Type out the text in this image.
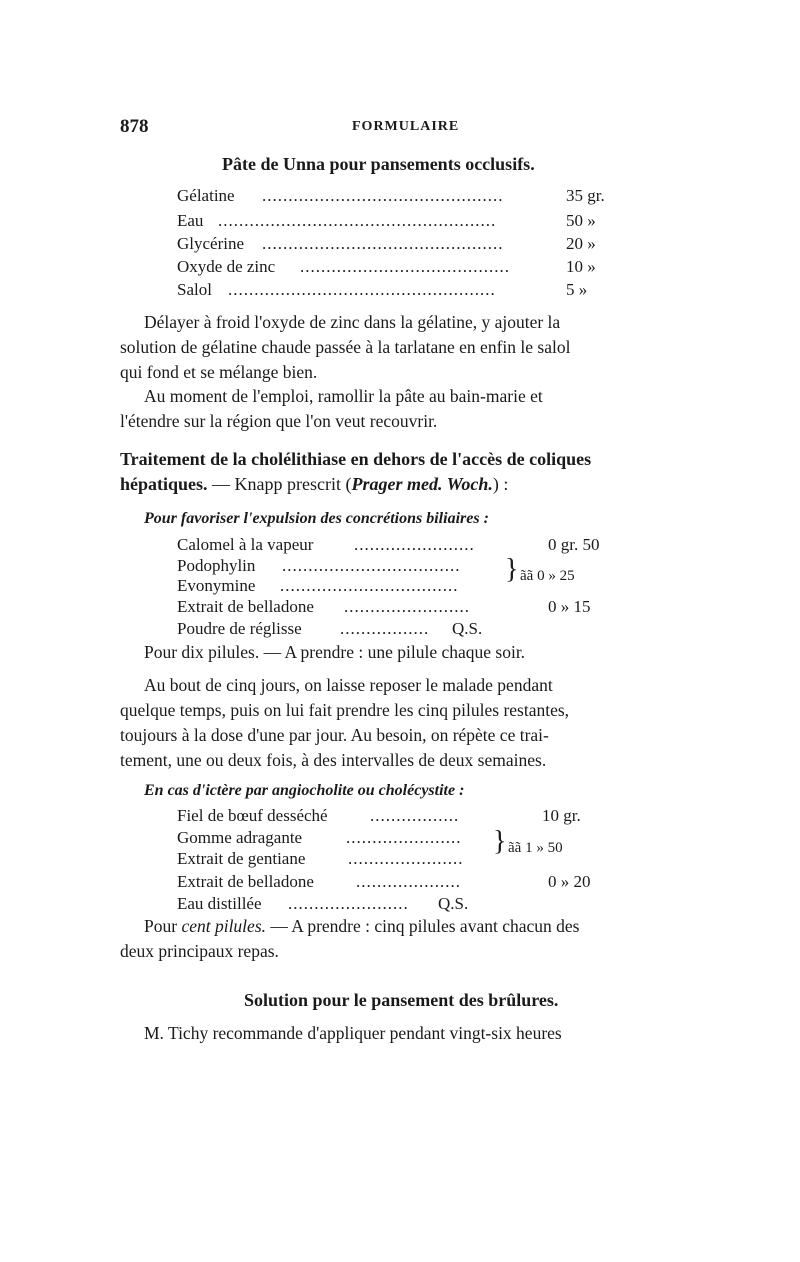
878	FORMULAIRE
Pâte de Unna pour pansements occlusifs.
Gélatine ..............................................	35 gr.
Eau .....................................................	50 »
Glycérine ..............................................	20 »
Oxyde de zinc ........................................	10 »
Salol ...................................................	5 »
Délayer à froid l'oxyde de zinc dans la gélatine, y ajouter la
solution de gélatine chaude passée à la tarlatane en enfin le salol
qui fond et se mélange bien.
Au moment de l'emploi, ramollir la pâte au bain-marie et
l'étendre sur la région que l'on veut recouvrir.
Traitement de la cholélithiase en dehors de l'accès de coliques
hépatiques. — Knapp prescrit (Prager med. Woch.) :
Pour favoriser l'expulsion des concrétions biliaires :
Calomel à la vapeur .......................	0 gr. 50
Podophylin ..................................
Evonymine ..................................
} ãã 0 » 25
Extrait de belladone ........................	0 » 15
Poudre de réglisse .................	Q.S.
Pour dix pilules. — A prendre : une pilule chaque soir.
Au bout de cinq jours, on laisse reposer le malade pendant
quelque temps, puis on lui fait prendre les cinq pilules restantes,
toujours à la dose d'une par jour. Au besoin, on répète ce trai-
tement, une ou deux fois, à des intervalles de deux semaines.
En cas d'ictère par angiocholite ou cholécystite :
Fiel de bœuf desséché .................	10 gr.
Gomme adragante	......................
Extrait de gentiane	......................
} ãã 1 » 50
Extrait de belladone ....................	0 » 20
Eau distillée .......................	Q.S.
Pour cent pilules. — A prendre : cinq pilules avant chacun des
deux principaux repas.
Solution pour le pansement des brûlures.
M. Tichy recommande d'appliquer pendant vingt-six heures
